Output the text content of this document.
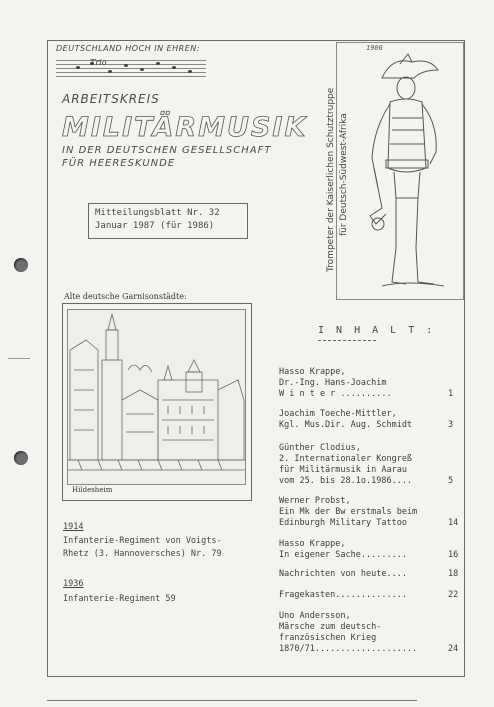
DEUTSCHLAND HOCH IN EHREN:
Trio
ARBEITSKREIS
MILITÄRMUSIK
IN DER DEUTSCHEN GESELLSCHAFT
FÜR HEERESKUNDE
Mitteilungsblatt Nr. 32
Januar 1987 (für 1986)
1906
Trompeter der Kaiserlichen Schutztruppe für Deutsch-Südwest-Afrika
Alte deutsche Garnisonstädte:
Hildesheim
1914
Infanterie-Regiment von Voigts-
Rhetz (3. Hannoversches) Nr. 79
1936
Infanterie-Regiment 59
I N H A L T :
Hasso Krappe,
Dr.-Ing. Hans-Joachim
W i n t e r ..........	1
Joachim Toeche-Mittler,
Kgl. Mus.Dir. Aug. Schmidt	3
Günther Clodius,
2. Internationaler Kongreß
für Militärmusik in Aarau
vom 25. bis 28.1o.1986....	5
Werner Probst,
Ein Mk der Bw erstmals beim
Edinburgh Military Tattoo	14
Hasso Krappe,
In eigener Sache.........	16
Nachrichten von heute....	18
Fragekasten..............	22
Uno Andersson,
Märsche zum deutsch-
französischen Krieg
1870/71....................	24
